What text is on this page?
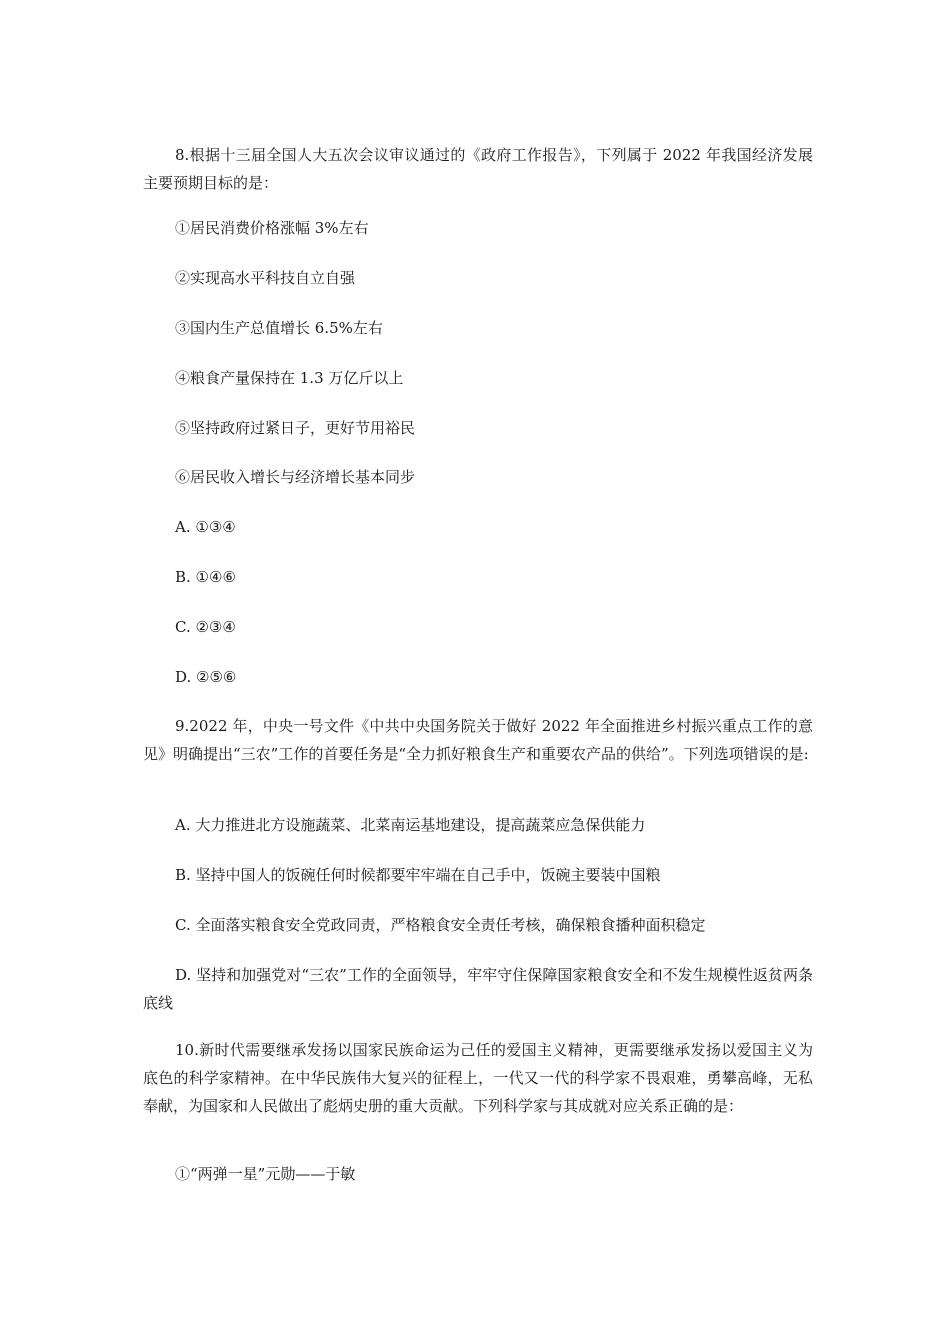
8.根据十三届全国人大五次会议审议通过的《政府工作报告》，下列属于 2022 年我国经济发展主要预期目标的是：
①居民消费价格涨幅 3%左右
②实现高水平科技自立自强
③国内生产总值增长 6.5%左右
④粮食产量保持在 1.3 万亿斤以上
⑤坚持政府过紧日子，更好节用裕民
⑥居民收入增长与经济增长基本同步
A. ①③④
B. ①④⑥
C. ②③④
D. ②⑤⑥
9.2022 年，中央一号文件《中共中央国务院关于做好 2022 年全面推进乡村振兴重点工作的意见》明确提出“三农”工作的首要任务是“全力抓好粮食生产和重要农产品的供给”。下列选项错误的是:
A. 大力推进北方设施蔬菜、北菜南运基地建设，提高蔬菜应急保供能力
B. 坚持中国人的饭碗任何时候都要牢牢端在自己手中，饭碗主要装中国粮
C. 全面落实粮食安全党政同责，严格粮食安全责任考核，确保粮食播种面积稳定
D. 坚持和加强党对“三农”工作的全面领导，牢牢守住保障国家粮食安全和不发生规模性返贫两条底线
10.新时代需要继承发扬以国家民族命运为己任的爱国主义精神，更需要继承发扬以爱国主义为底色的科学家精神。在中华民族伟大复兴的征程上，一代又一代的科学家不畏艰难，勇攀高峰，无私奉献，为国家和人民做出了彪炳史册的重大贡献。下列科学家与其成就对应关系正确的是：
①“两弹一星”元勋——于敏
